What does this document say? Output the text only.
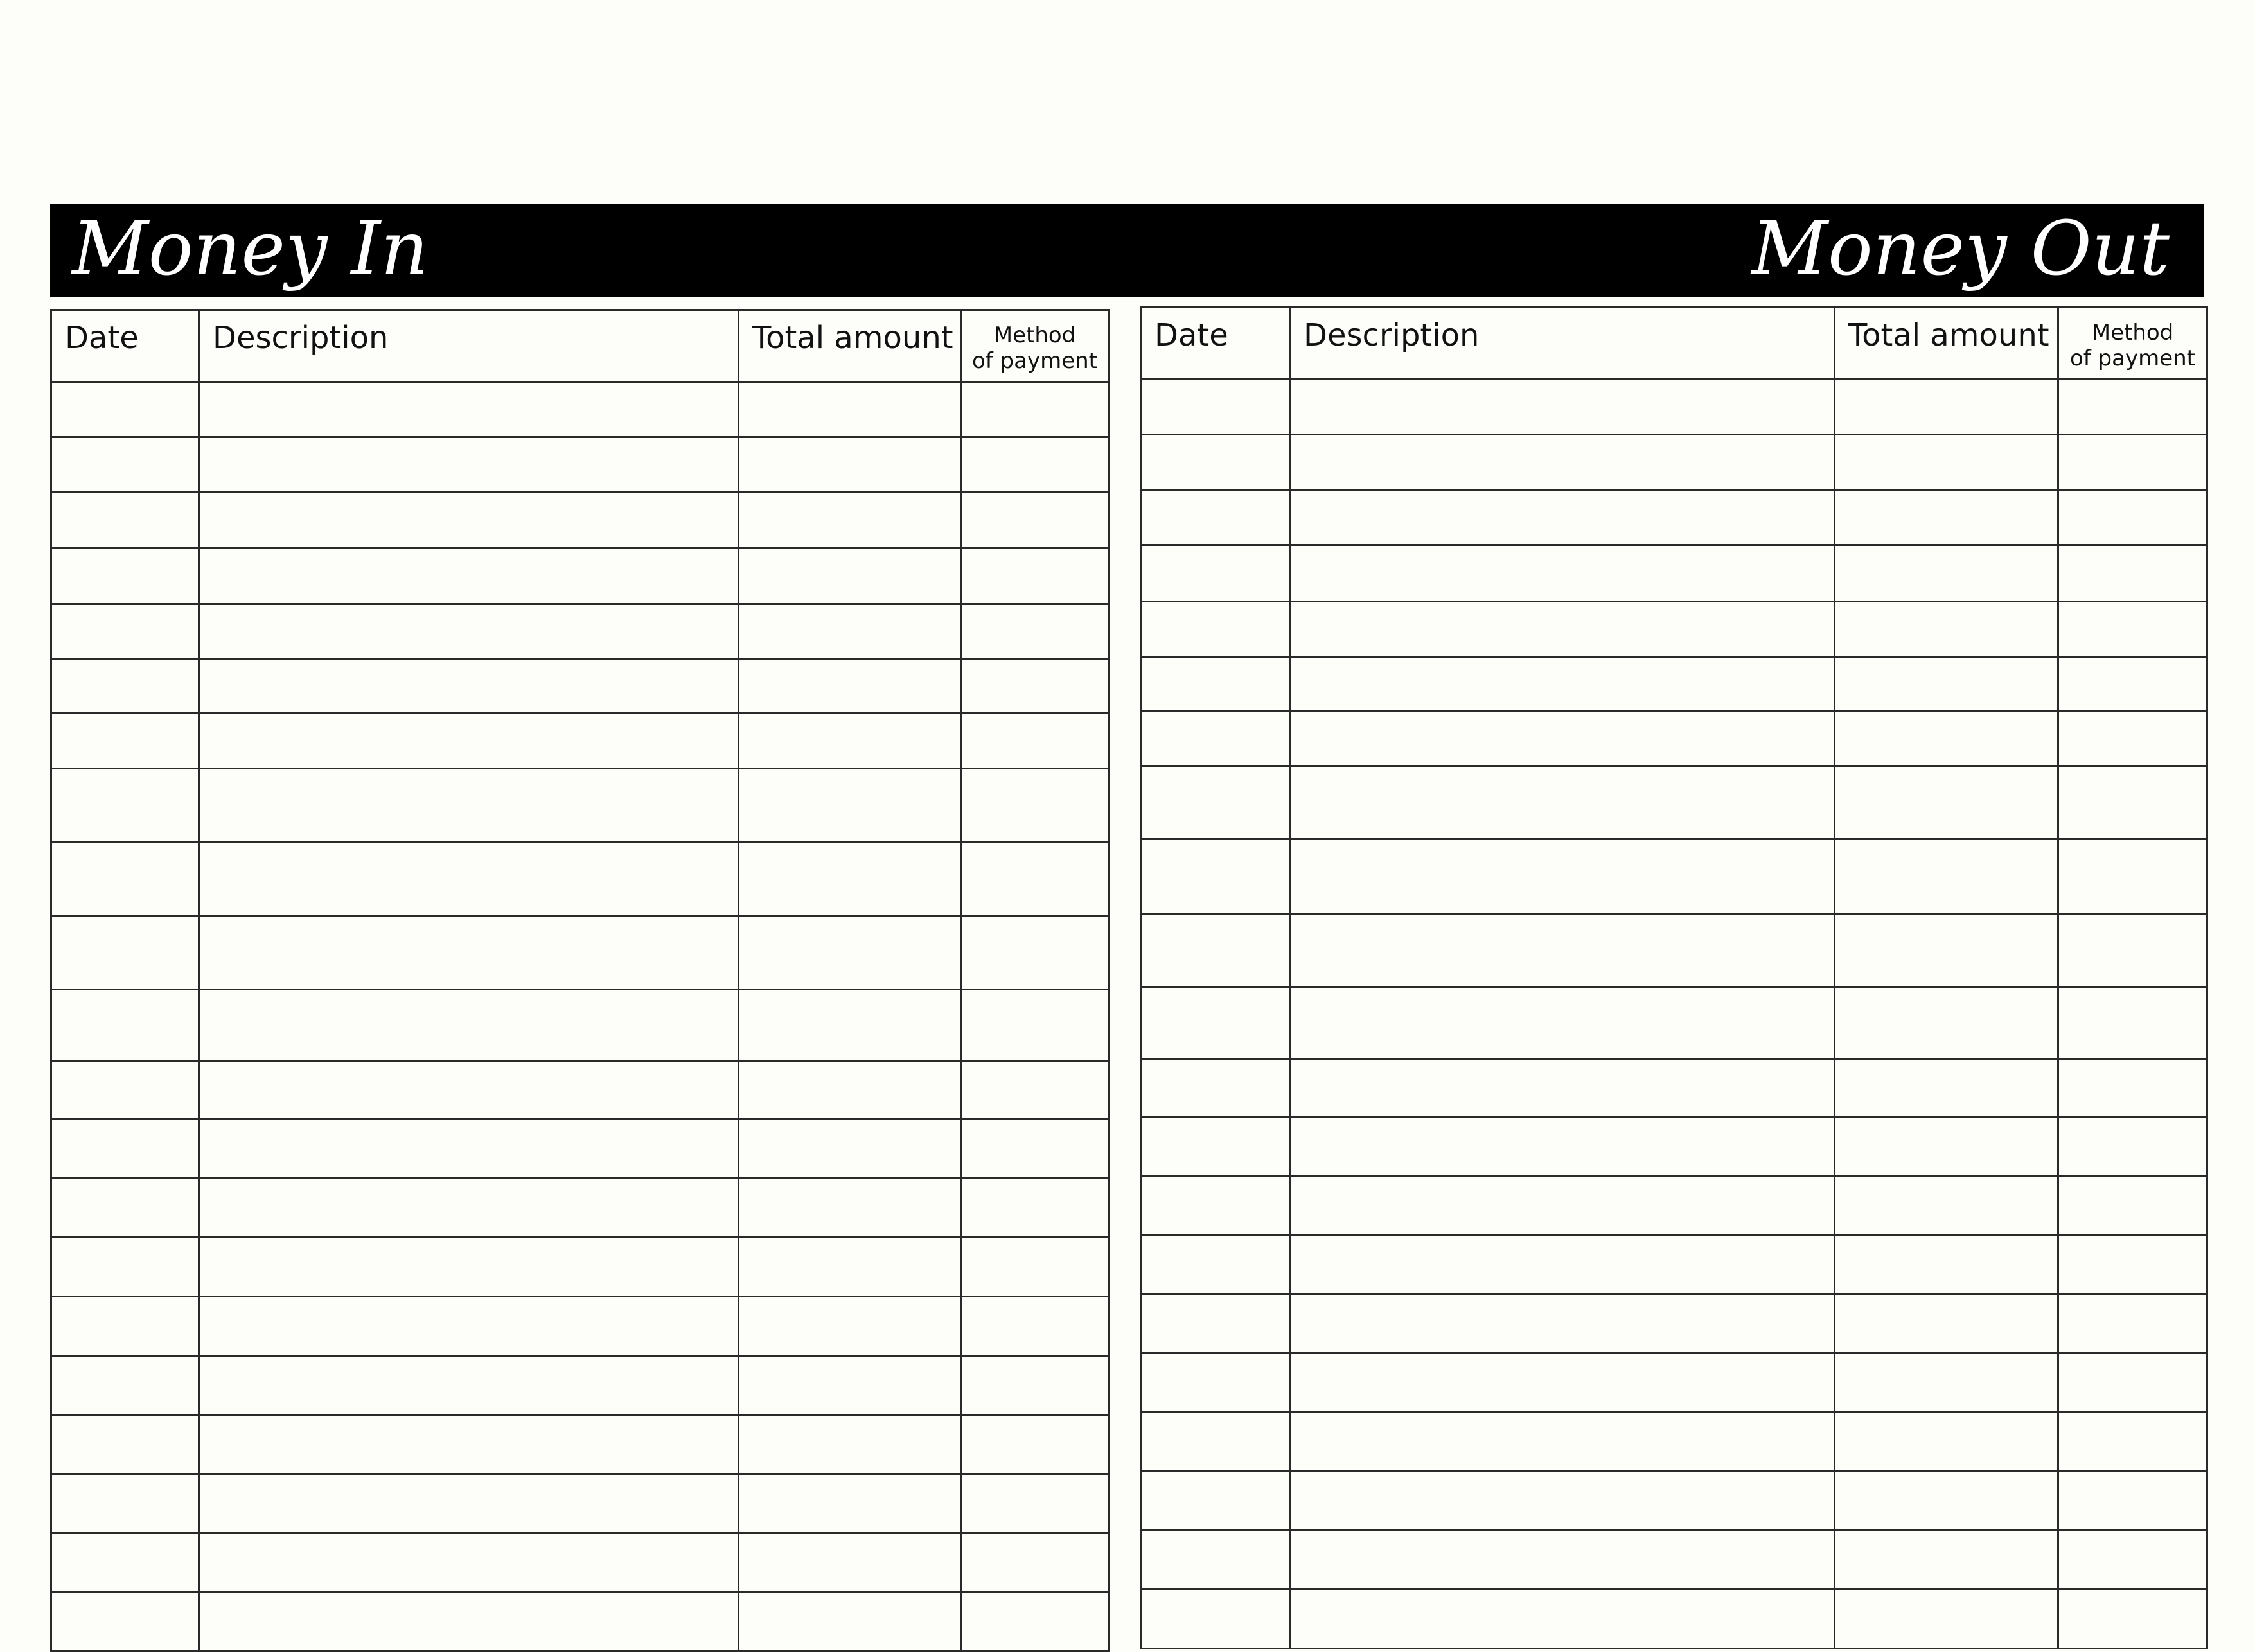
Money In	Money Out
Date	Description	Total amount	Method
of payment

Date	Description	Total amount	Method
of payment
